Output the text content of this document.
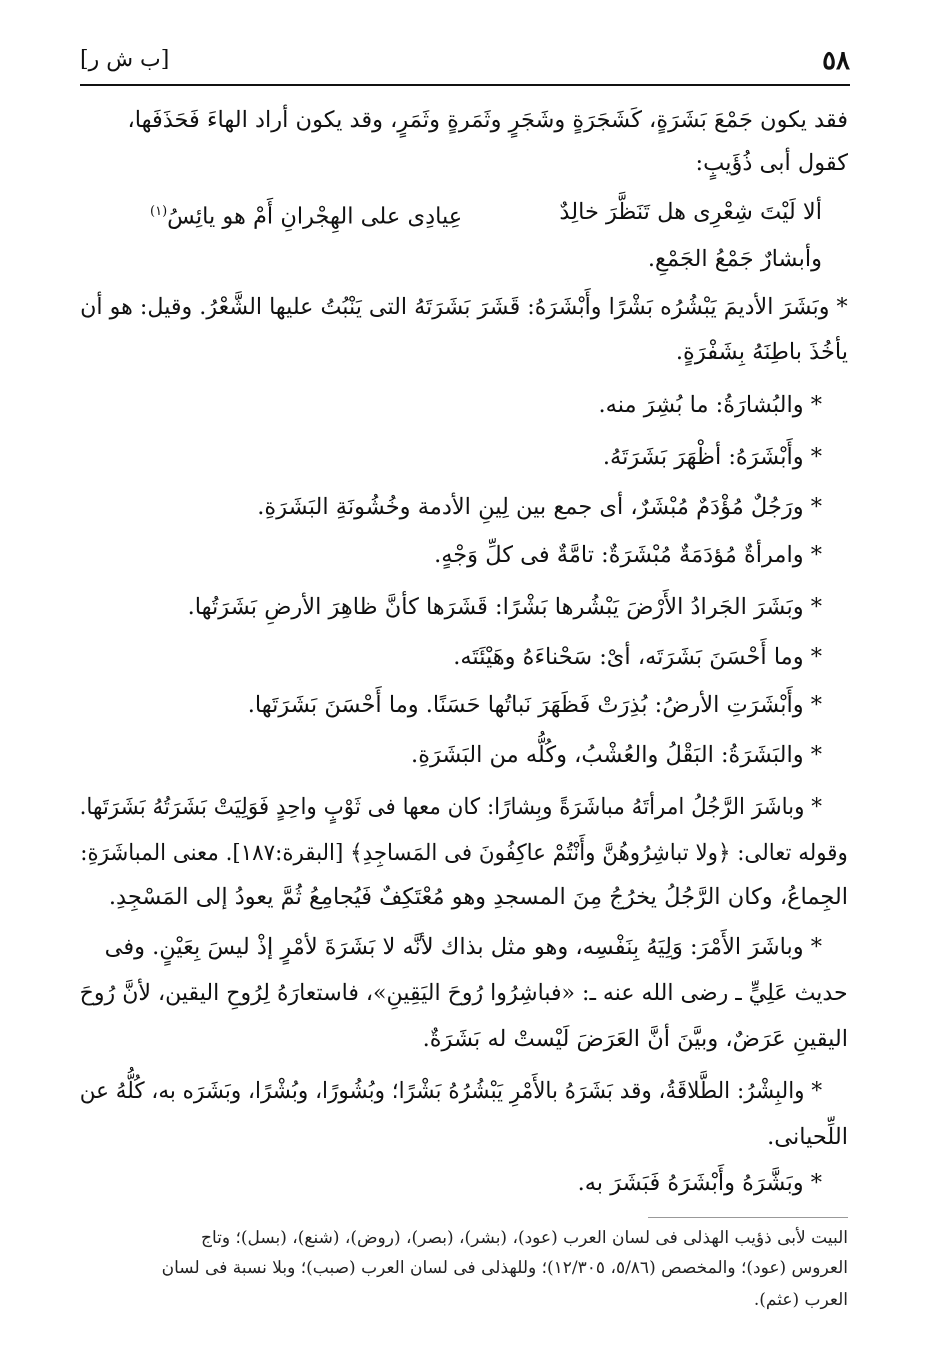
٥٨
[ب ش ر]
فقد يكون جَمْعَ بَشَرَةٍ، كَشَجَرَةٍ وشَجَرٍ وثَمَرةٍ وثَمَرٍ، وقد يكون أراد الهاءَ فَحَذَفَها،
كقول أبى ذُؤَيبٍ:
ألا لَيْتَ شِعْرِى هل تَنَظَّرَ خالِدٌ
عِيادِى على الهِجْرانِ أَمْ هو يائِسُ$^{(١)}$
وأبشارٌ جَمْعُ الجَمْعِ.
* وبَشَرَ الأديمَ يَبْشُرُه بَشْرًا وأَبْشَرَهُ: قَشَرَ بَشَرَتَهُ التى يَنْبُتُ عليها الشَّعْرُ. وقيل: هو أن
يأخُذَ باطِنَهُ بِشَفْرَةٍ.
* والبُشارَةُ: ما بُشِرَ منه.
* وأَبْشَرَهُ: أظْهَرَ بَشَرَتَهُ.
* ورَجُلٌ مُؤْدَمٌ مُبْشَرٌ، أى جمع بين لِينِ الأدمة وخُشُونَةِ البَشَرَةِ.
* وامرأةٌ مُؤدَمَةٌ مُبْشَرَةٌ: تامَّةٌ فى كلِّ وَجْهٍ.
* وبَشَرَ الجَرادُ الأَرْضَ يَبْشُرها بَشْرًا: قَشَرَها كأنَّ ظاهِرَ الأرضِ بَشَرَتُها.
* وما أَحْسَنَ بَشَرَتَه، أىْ: سَحْناءَهُ وهَيْئَتَه.
* وأَبْشَرَتِ الأرضُ: بُذِرَتْ فَظَهَرَ نَباتُها حَسَنًا. وما أَحْسَنَ بَشَرَتَها.
* والبَشَرَةُ: البَقْلُ والعُشْبُ، وكُلُّه من البَشَرَةِ.
* وباشَرَ الرَّجُلُ امرأتَهُ مباشَرَةً وبِشارًا: كان معها فى ثَوْبٍ واحِدٍ فَوَلِيَتْ بَشَرَتُهُ بَشَرَتَها.
وقوله تعالى: ﴿ولا تباشِرُوهُنَّ وأَنْتُمْ عاكِفُونَ فى المَساجِدِ﴾ [البقرة:١٨٧]. معنى المباشَرَةِ:
الجِماعُ، وكان الرَّجُلُ يخرُجُ مِنَ المسجدِ وهو مُعْتَكِفٌ فَيُجامِعُ ثُمَّ يعودُ إلى المَسْجِدِ.
* وباشَرَ الأَمْرَ: وَلِيَهُ بِنَفْسِه، وهو مثل بذاك لأنَّه لا بَشَرَةَ لأمْرٍ إذْ ليسَ بِعَيْنٍ. وفى
حديث عَلِيٍّ ـ رضى الله عنه ـ: «فباشِرُوا رُوحَ اليَقِينِ»، فاستعارَهُ لِرُوحِ اليقين، لأنَّ رُوحَ
اليقينِ عَرَضٌ، وبيَّنَ أنَّ العَرَضَ لَيْستْ له بَشَرَةٌ.
* والبِشْرُ: الطَّلاقَةُ، وقد بَشَرَهُ بالأَمْرِ يَبْشُرُهُ بَشْرًا؛ وبُشُورًا، وبُشْرًا، وبَشَرَه به، كُلُّهُ عن
اللِّحيانى.
* وبَشَّرَهُ وأَبْشَرَهُ فَبَشَرَ به.
البيت لأبى ذؤيب الهذلى فى لسان العرب (عود)، (بشر)، (بصر)، (روض)، (شنع)، (بسل)؛ وتاج
العروس (عود)؛ والمخصص (٥/٨٦، ١٢/٣٠٥)؛ وللهذلى فى لسان العرب (صبب)؛ وبلا نسبة فى لسان
العرب (عثم).
